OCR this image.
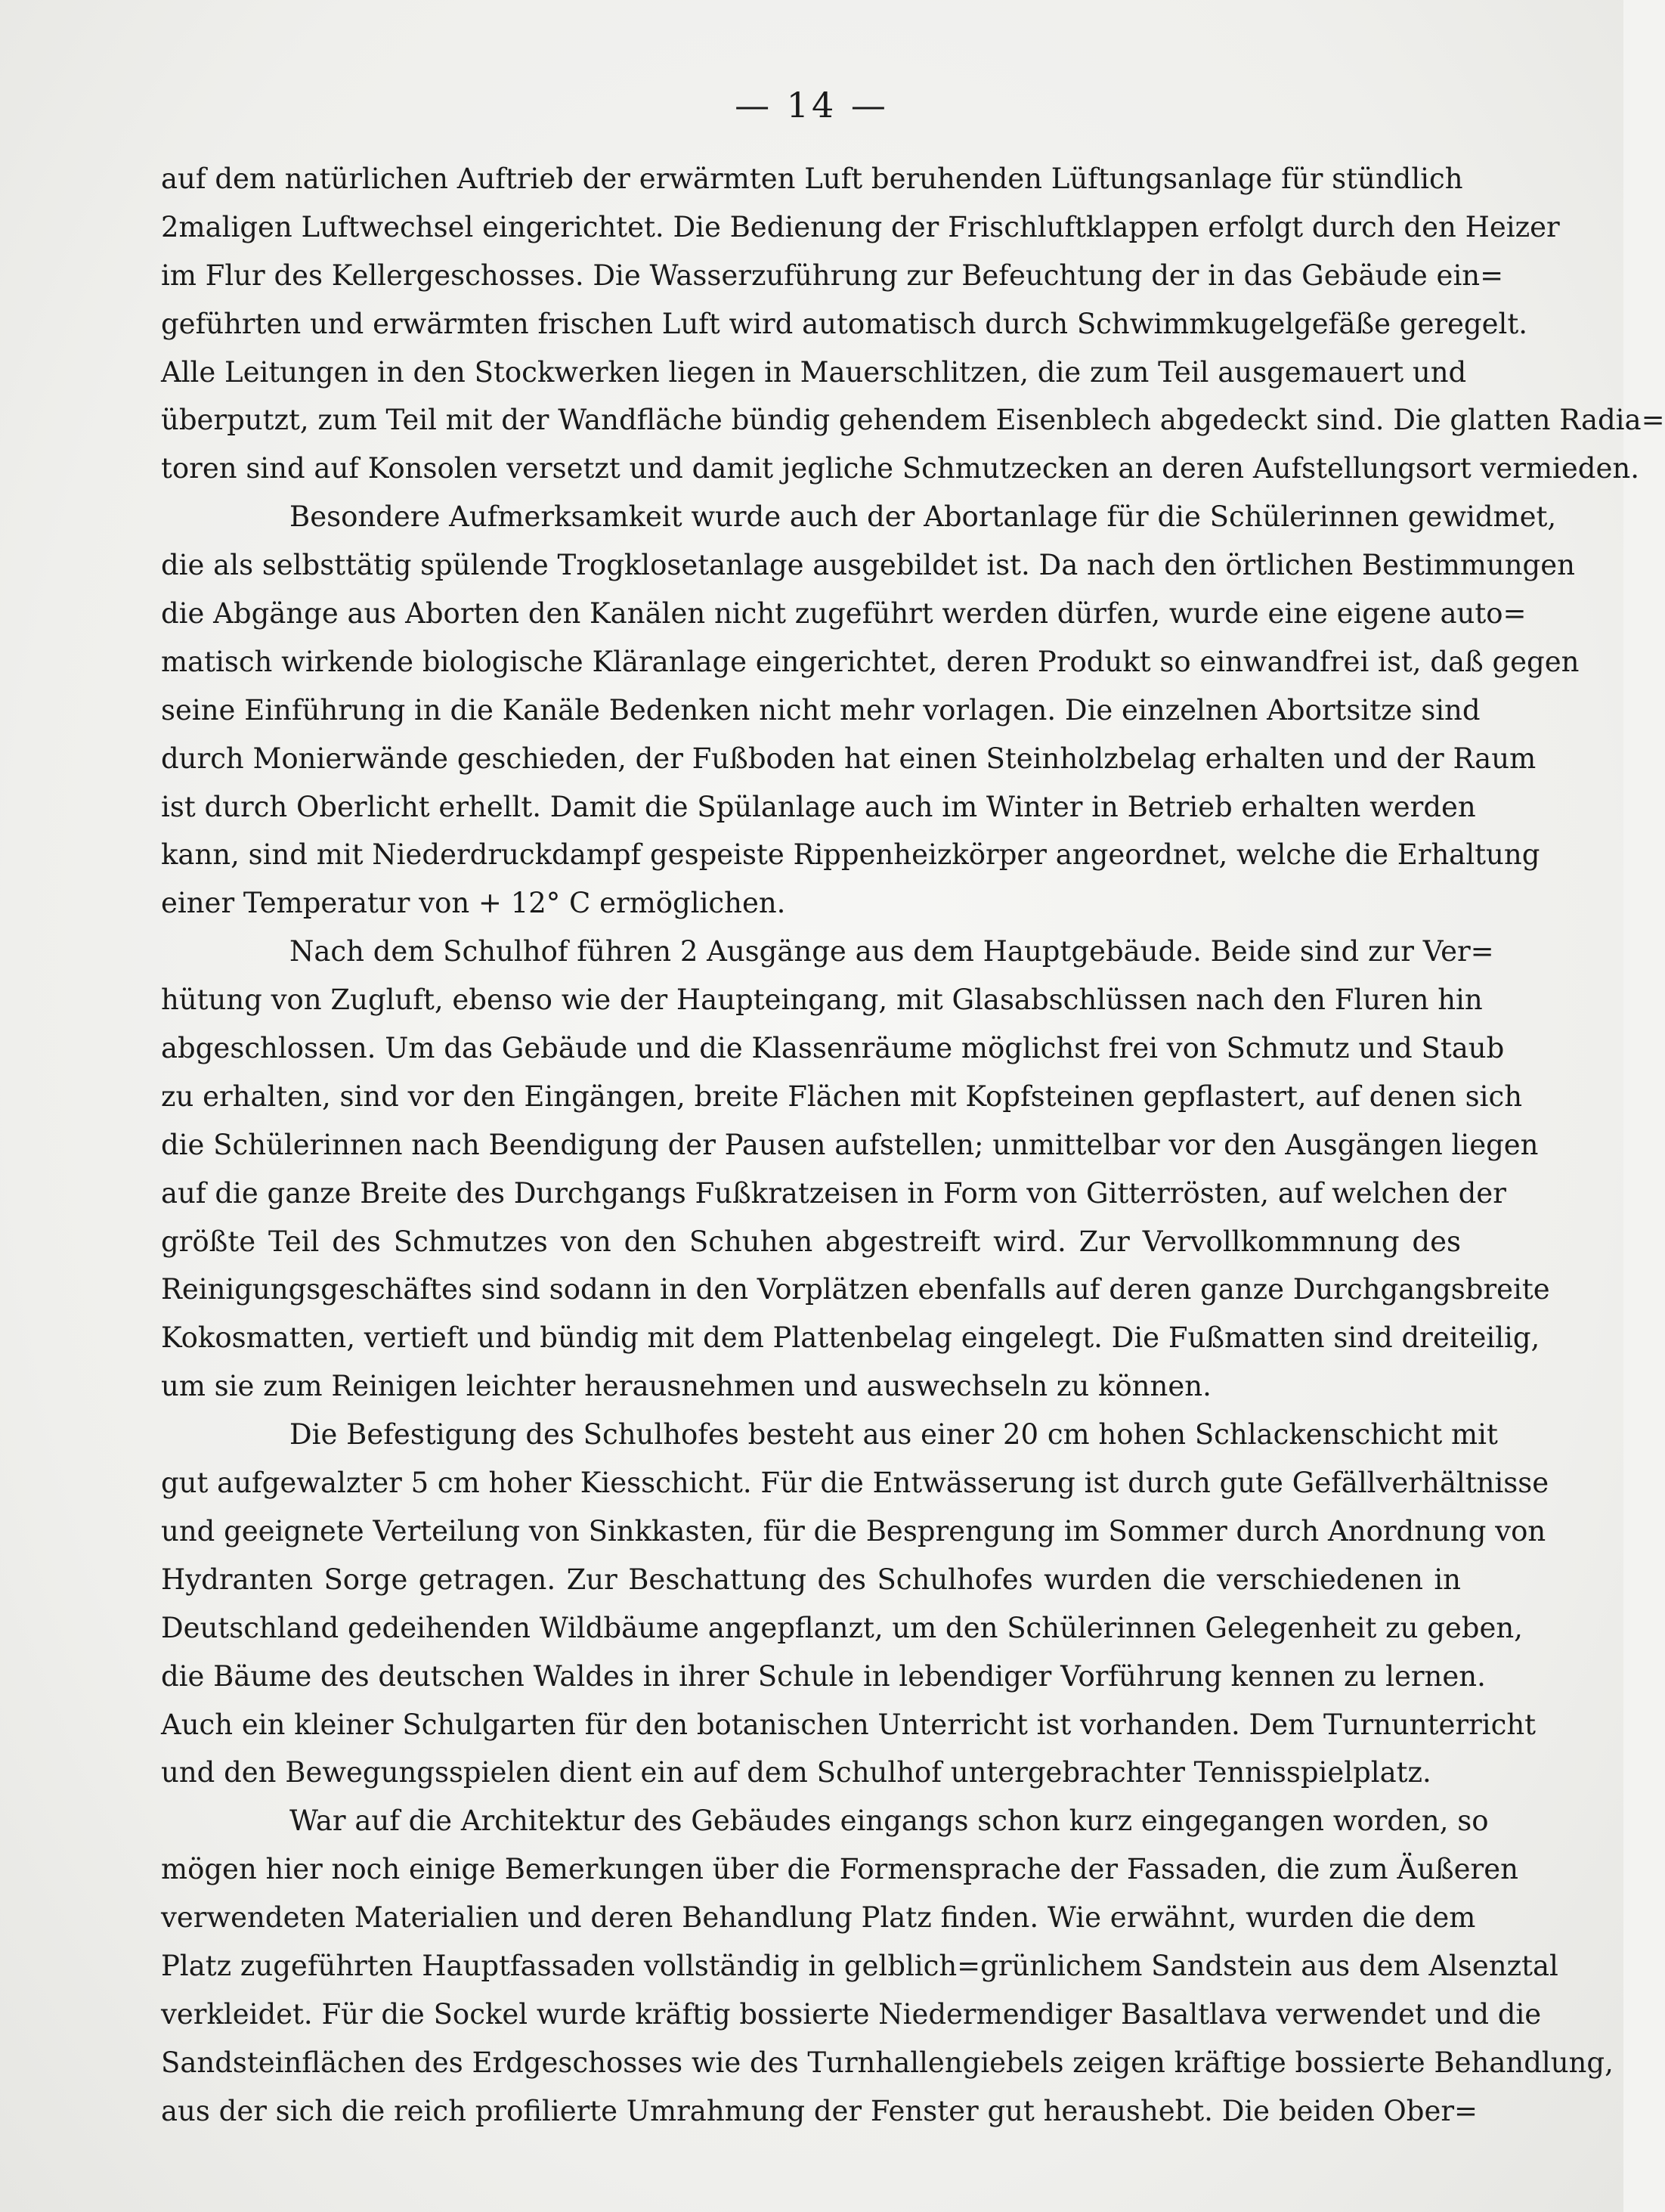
— 14 —
auf dem natürlichen Auftrieb der erwärmten Luft beruhenden Lüftungsanlage für stündlich
2maligen Luftwechsel eingerichtet. Die Bedienung der Frischluftklappen erfolgt durch den Heizer
im Flur des Kellergeschosses. Die Wasserzuführung zur Befeuchtung der in das Gebäude ein=
geführten und erwärmten frischen Luft wird automatisch durch Schwimmkugelgefäße geregelt.
Alle Leitungen in den Stockwerken liegen in Mauerschlitzen, die zum Teil ausgemauert und
überputzt, zum Teil mit der Wandfläche bündig gehendem Eisenblech abgedeckt sind. Die glatten Radia=
toren sind auf Konsolen versetzt und damit jegliche Schmutzecken an deren Aufstellungsort vermieden.
Besondere Aufmerksamkeit wurde auch der Abortanlage für die Schülerinnen gewidmet,
die als selbsttätig spülende Trogklosetanlage ausgebildet ist. Da nach den örtlichen Bestimmungen
die Abgänge aus Aborten den Kanälen nicht zugeführt werden dürfen, wurde eine eigene auto=
matisch wirkende biologische Kläranlage eingerichtet, deren Produkt so einwandfrei ist, daß gegen
seine Einführung in die Kanäle Bedenken nicht mehr vorlagen. Die einzelnen Abortsitze sind
durch Monierwände geschieden, der Fußboden hat einen Steinholzbelag erhalten und der Raum
ist durch Oberlicht erhellt. Damit die Spülanlage auch im Winter in Betrieb erhalten werden
kann, sind mit Niederdruckdampf gespeiste Rippenheizkörper angeordnet, welche die Erhaltung
einer Temperatur von + 12° C ermöglichen.
Nach dem Schulhof führen 2 Ausgänge aus dem Hauptgebäude. Beide sind zur Ver=
hütung von Zugluft, ebenso wie der Haupteingang, mit Glasabschlüssen nach den Fluren hin
abgeschlossen. Um das Gebäude und die Klassenräume möglichst frei von Schmutz und Staub
zu erhalten, sind vor den Eingängen, breite Flächen mit Kopfsteinen gepflastert, auf denen sich
die Schülerinnen nach Beendigung der Pausen aufstellen; unmittelbar vor den Ausgängen liegen
auf die ganze Breite des Durchgangs Fußkratzeisen in Form von Gitterrösten, auf welchen der
größte Teil des Schmutzes von den Schuhen abgestreift wird. Zur Vervollkommnung des
Reinigungsgeschäftes sind sodann in den Vorplätzen ebenfalls auf deren ganze Durchgangsbreite
Kokosmatten, vertieft und bündig mit dem Plattenbelag eingelegt. Die Fußmatten sind dreiteilig,
um sie zum Reinigen leichter herausnehmen und auswechseln zu können.
Die Befestigung des Schulhofes besteht aus einer 20 cm hohen Schlackenschicht mit
gut aufgewalzter 5 cm hoher Kiesschicht. Für die Entwässerung ist durch gute Gefällverhältnisse
und geeignete Verteilung von Sinkkasten, für die Besprengung im Sommer durch Anordnung von
Hydranten Sorge getragen. Zur Beschattung des Schulhofes wurden die verschiedenen in
Deutschland gedeihenden Wildbäume angepflanzt, um den Schülerinnen Gelegenheit zu geben,
die Bäume des deutschen Waldes in ihrer Schule in lebendiger Vorführung kennen zu lernen.
Auch ein kleiner Schulgarten für den botanischen Unterricht ist vorhanden. Dem Turnunterricht
und den Bewegungsspielen dient ein auf dem Schulhof untergebrachter Tennisspielplatz.
War auf die Architektur des Gebäudes eingangs schon kurz eingegangen worden, so
mögen hier noch einige Bemerkungen über die Formensprache der Fassaden, die zum Äußeren
verwendeten Materialien und deren Behandlung Platz finden. Wie erwähnt, wurden die dem
Platz zugeführten Hauptfassaden vollständig in gelblich=grünlichem Sandstein aus dem Alsenztal
verkleidet. Für die Sockel wurde kräftig bossierte Niedermendiger Basaltlava verwendet und die
Sandsteinflächen des Erdgeschosses wie des Turnhallengiebels zeigen kräftige bossierte Behandlung,
aus der sich die reich profilierte Umrahmung der Fenster gut heraushebt. Die beiden Ober=
